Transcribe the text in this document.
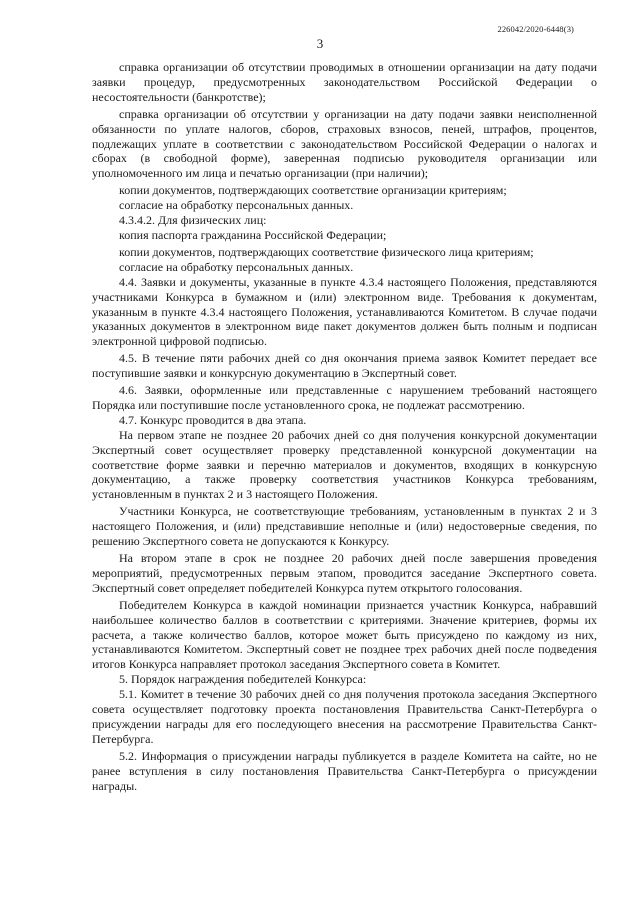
226042/2020-6448(3)
3

справка организации об отсутствии проводимых в отношении организации на дату подачи заявки процедур, предусмотренных законодательством Российской Федерации о несостоятельности (банкротстве);

справка организации об отсутствии у организации на дату подачи заявки неисполненной обязанности по уплате налогов, сборов, страховых взносов, пеней, штрафов, процентов, подлежащих уплате в соответствии с законодательством Российской Федерации о налогах и сборах (в свободной форме), заверенная подписью руководителя организации или уполномоченного им лица и печатью организации (при наличии);

копии документов, подтверждающих соответствие организации критериям;

согласие на обработку персональных данных.

4.3.4.2. Для физических лиц:

копия паспорта гражданина Российской Федерации;

копии документов, подтверждающих соответствие физического лица критериям;

согласие на обработку персональных данных.

4.4. Заявки и документы, указанные в пункте 4.3.4 настоящего Положения, представляются участниками Конкурса в бумажном и (или) электронном виде. Требования к документам, указанным в пункте 4.3.4 настоящего Положения, устанавливаются Комитетом. В случае подачи указанных документов в электронном виде пакет документов должен быть полным и подписан электронной цифровой подписью.

4.5. В течение пяти рабочих дней со дня окончания приема заявок Комитет передает все поступившие заявки и конкурсную документацию в Экспертный совет.

4.6. Заявки, оформленные или представленные с нарушением требований настоящего Порядка или поступившие после установленного срока, не подлежат рассмотрению.

4.7. Конкурс проводится в два этапа.

На первом этапе не позднее 20 рабочих дней со дня получения конкурсной документации Экспертный совет осуществляет проверку представленной конкурсной документации на соответствие форме заявки и перечню материалов и документов, входящих в конкурсную документацию, а также проверку соответствия участников Конкурса требованиям, установленным в пунктах 2 и 3 настоящего Положения.

Участники Конкурса, не соответствующие требованиям, установленным в пунктах 2 и 3 настоящего Положения, и (или) представившие неполные и (или) недостоверные сведения, по решению Экспертного совета не допускаются к Конкурсу.

На втором этапе в срок не позднее 20 рабочих дней после завершения проведения мероприятий, предусмотренных первым этапом, проводится заседание Экспертного совета. Экспертный совет определяет победителей Конкурса путем открытого голосования.

Победителем Конкурса в каждой номинации признается участник Конкурса, набравший наибольшее количество баллов в соответствии с критериями. Значение критериев, формы их расчета, а также количество баллов, которое может быть присуждено по каждому из них, устанавливаются Комитетом. Экспертный совет не позднее трех рабочих дней после подведения итогов Конкурса направляет протокол заседания Экспертного совета в Комитет.

5. Порядок награждения победителей Конкурса:

5.1. Комитет в течение 30 рабочих дней со дня получения протокола заседания Экспертного совета осуществляет подготовку проекта постановления Правительства Санкт-Петербурга о присуждении награды для его последующего внесения на рассмотрение Правительства Санкт-Петербурга.

5.2. Информация о присуждении награды публикуется в разделе Комитета на сайте, но не ранее вступления в силу постановления Правительства Санкт-Петербурга о присуждении награды.
